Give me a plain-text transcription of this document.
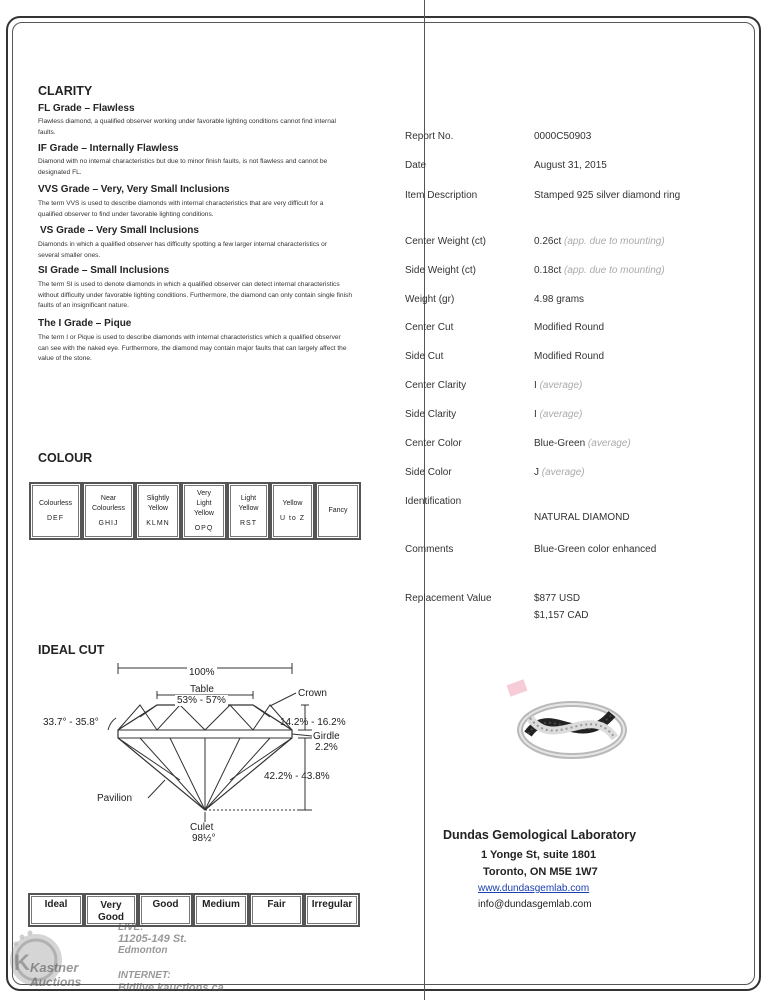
CLARITY
FL Grade – Flawless
Flawless diamond, a qualified observer working under favorable lighting conditions cannot find internal faults.
IF Grade – Internally Flawless
Diamond with no internal characteristics but due to minor finish faults, is not flawless and cannot be designated FL.
VVS Grade – Very, Very Small Inclusions
The term VVS is used to describe diamonds with internal characteristics that are very difficult for a qualified observer to find under favorable lighting conditions.
VS Grade – Very Small Inclusions
Diamonds in which a qualified observer has difficulty spotting a few larger internal characteristics or several smaller ones.
SI Grade – Small Inclusions
The term SI is used to denote diamonds in which a qualified observer can detect internal characteristics without difficulty under favorable lighting conditions. Furthermore, the diamond can only contain single finish faults of an insignificant nature.
The I Grade – Pique
The term I or Pique is used to describe diamonds with internal characteristics which a qualified observer can see with the naked eye. Furthermore, the diamond may contain major faults that can largely affect the value of the stone.
COLOUR
Colourless
DEF
Near Colourless
GHIJ
Slightly Yellow
KLMN
Very Light Yellow
OPQ
Light Yellow
RST
Yellow
U to Z
Fancy
IDEAL CUT
100%
Table
53% - 57%
Crown
33.7° - 35.8°	14.2% - 16.2%
Girdle
2.2%
42.2% - 43.8%
Pavilion
Culet
98½°
Ideal	Very Good
Good Medium	Fair	Irregular
Report No.	0000C50903
Date	August 31, 2015
Item Description	Stamped 925 silver diamond ring
Center Weight (ct)	0.26ct (app. due to mounting)
Side Weight (ct)	0.18ct (app. due to mounting)
Weight (gr)	4.98 grams
Center Cut	Modified Round
Side Cut	Modified Round
Center Clarity	I (average)
Side Clarity	I (average)
Center Color	Blue-Green (average)
Side Color	J (average)
Identification
NATURAL DIAMOND
Comments	Blue-Green color enhanced
Replacement Value	$877 USD
$1,157 CAD
Dundas Gemological Laboratory
1 Yonge St, suite 1801
Toronto, ON M5E 1W7
www.dundasgemlab.com
info@dundasgemlab.com
K Kastner
Auctions
LIVE:
11205-149 St.
Edmonton
INTERNET:
Bidlive.kauctions.ca
